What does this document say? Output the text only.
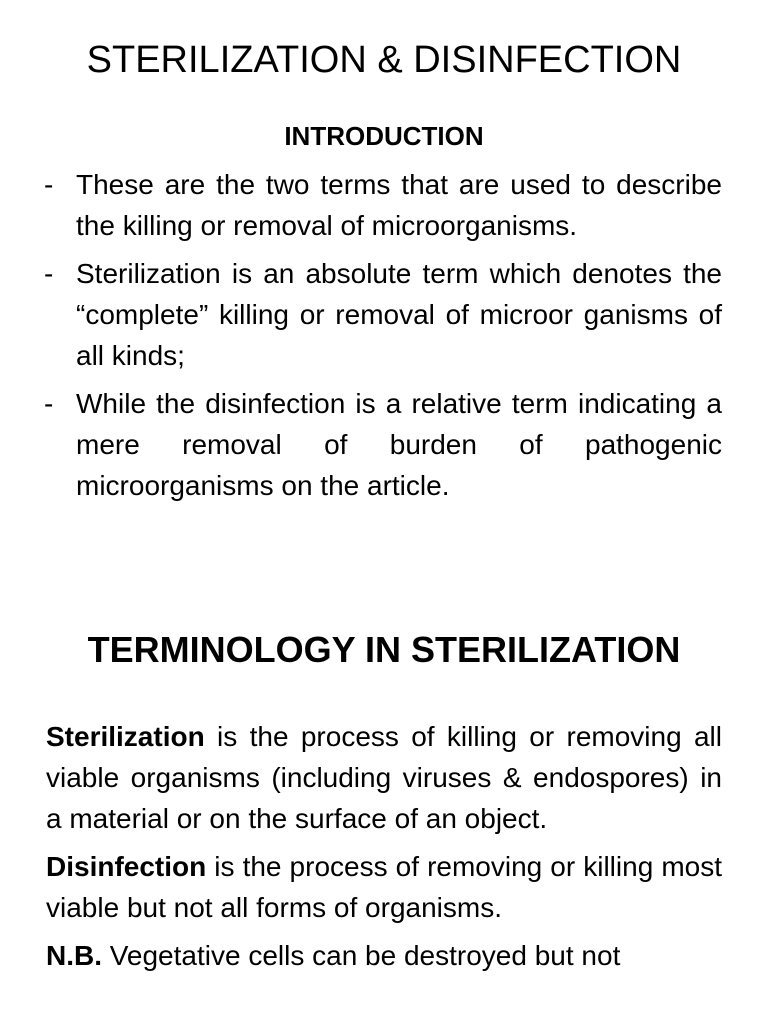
STERILIZATION & DISINFECTION
INTRODUCTION
- These are the two terms that are used to describe the killing or removal of microorganisms.
- Sterilization is an absolute term which denotes the “complete” killing or removal of microor ganisms of all kinds;
- While the disinfection is a relative term indicating a mere removal of burden of pathogenic microorganisms on the article.
TERMINOLOGY IN STERILIZATION

Sterilization is the process of killing or removing all viable organisms (including viruses & endospores) in a material or on the surface of an object.

Disinfection is the process of removing or killing most viable but not all forms of organisms.

N.B. Vegetative cells can be destroyed but not
